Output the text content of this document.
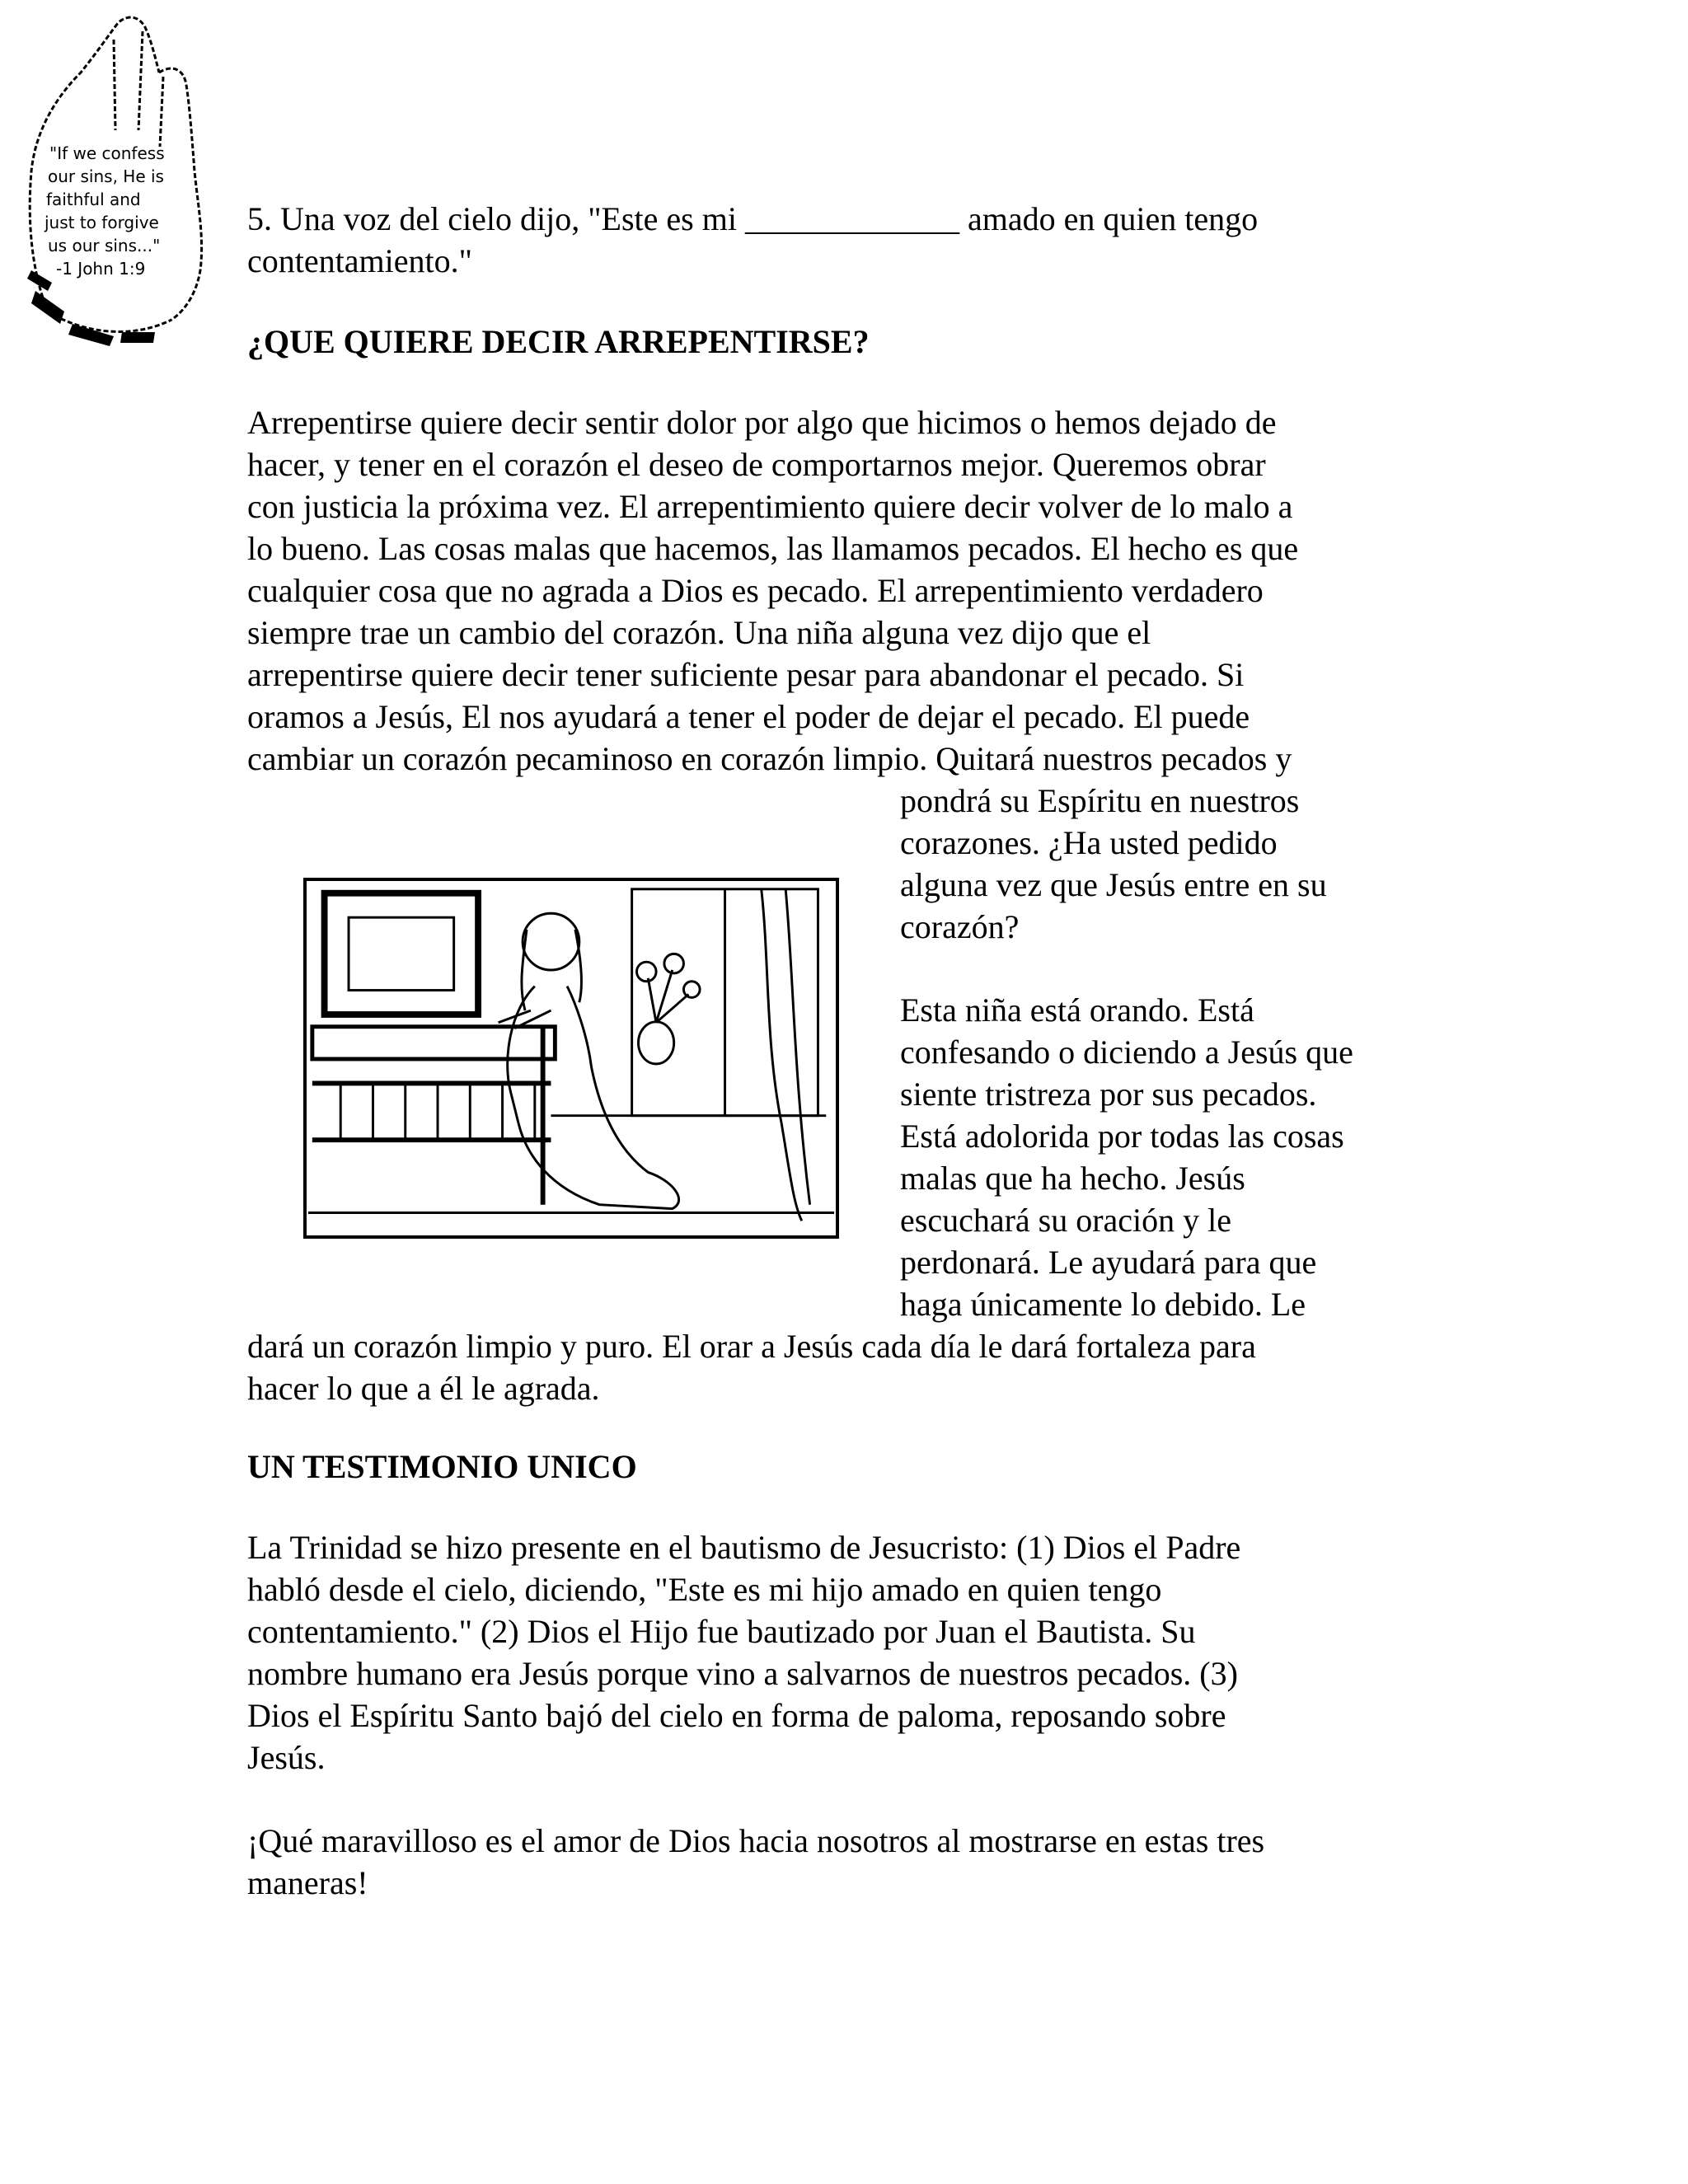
"If we confess
our sins, He is
faithful and
just to forgive
us our sins..."
-1 John 1:9
5. Una voz del cielo dijo, "Este es mi _____________ amado en quien tengo
contentamiento."
¿QUE QUIERE DECIR ARREPENTIRSE?
Arrepentirse quiere decir sentir dolor por algo que hicimos o hemos dejado de
hacer, y tener en el corazón el deseo de comportarnos mejor. Queremos obrar
con justicia la próxima vez. El arrepentimiento quiere decir volver de lo malo a
lo bueno. Las cosas malas que hacemos, las llamamos pecados. El hecho es que
cualquier cosa que no agrada a Dios es pecado. El arrepentimiento verdadero
siempre trae un cambio del corazón. Una niña alguna vez dijo que el
arrepentirse quiere decir tener suficiente pesar para abandonar el pecado. Si
oramos a Jesús, El nos ayudará a tener el poder de dejar el pecado. El puede
cambiar un corazón pecaminoso en corazón limpio. Quitará nuestros pecados y
pondrá su Espíritu en nuestros
corazones. ¿Ha usted pedido
alguna vez que Jesús entre en su
corazón?
Esta niña está orando. Está
confesando o diciendo a Jesús que
siente tristreza por sus pecados.
Está adolorida por todas las cosas
malas que ha hecho. Jesús
escuchará su oración y le
perdonará. Le ayudará para que
haga únicamente lo debido. Le
dará un corazón limpio y puro. El orar a Jesús cada día le dará fortaleza para
hacer lo que a él le agrada.
UN TESTIMONIO UNICO
La Trinidad se hizo presente en el bautismo de Jesucristo: (1) Dios el Padre
habló desde el cielo, diciendo, "Este es mi hijo amado en quien tengo
contentamiento." (2) Dios el Hijo fue bautizado por Juan el Bautista. Su
nombre humano era Jesús porque vino a salvarnos de nuestros pecados. (3)
Dios el Espíritu Santo bajó del cielo en forma de paloma, reposando sobre
Jesús.
¡Qué maravilloso es el amor de Dios hacia nosotros al mostrarse en estas tres
maneras!
